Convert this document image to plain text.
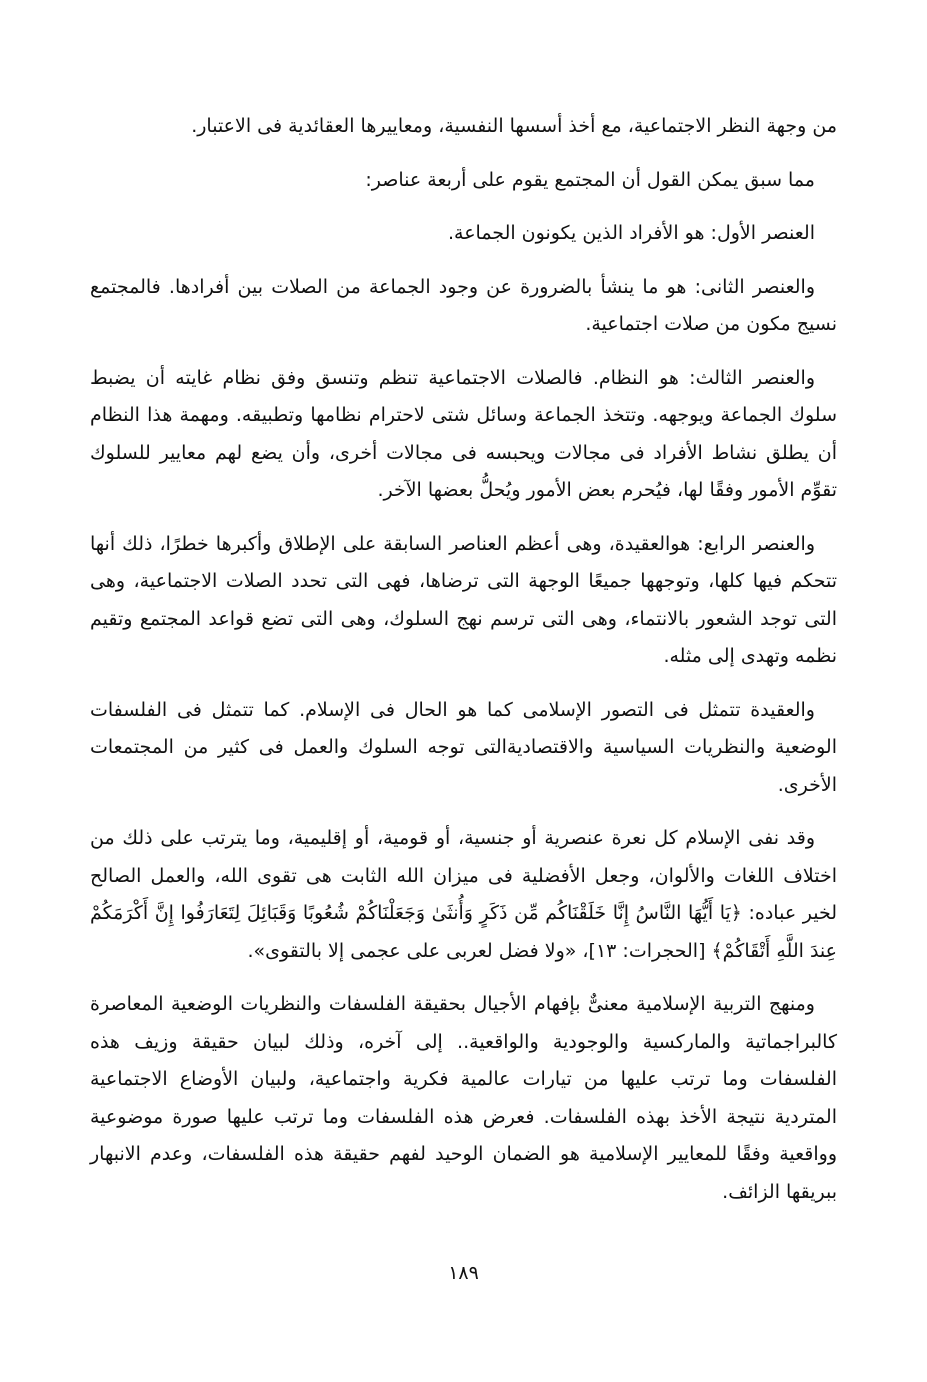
من وجهة النظر الاجتماعية، مع أخذ أسسها النفسية، ومعاييرها العقائدية فى الاعتبار.

مما سبق يمكن القول أن المجتمع يقوم على أربعة عناصر:

العنصر الأول: هو الأفراد الذين يكونون الجماعة.

والعنصر الثانى: هو ما ينشأ بالضرورة عن وجود الجماعة من الصلات بين أفرادها. فالمجتمع نسيج مكون من صلات اجتماعية.

والعنصر الثالث: هو النظام. فالصلات الاجتماعية تنظم وتنسق وفق نظام غايته أن يضبط سلوك الجماعة ويوجهه. وتتخذ الجماعة وسائل شتى لاحترام نظامها وتطبيقه. ومهمة هذا النظام أن يطلق نشاط الأفراد فى مجالات ويحبسه فى مجالات أخرى، وأن يضع لهم معايير للسلوك تقوِّم الأمور وفقًا لها، فيُحرم بعض الأمور ويُحلُّ بعضها الآخر.

والعنصر الرابع: هوالعقيدة، وهى أعظم العناصر السابقة على الإطلاق وأكبرها خطرًا، ذلك أنها تتحكم فيها كلها، وتوجهها جميعًا الوجهة التى ترضاها، فهى التى تحدد الصلات الاجتماعية، وهى التى توجد الشعور بالانتماء، وهى التى ترسم نهج السلوك، وهى التى تضع قواعد المجتمع وتقيم نظمه وتهدى إلى مثله.

والعقيدة تتمثل فى التصور الإسلامى كما هو الحال فى الإسلام. كما تتمثل فى الفلسفات الوضعية والنظريات السياسية والاقتصاديةالتى توجه السلوك والعمل فى كثير من المجتمعات الأخرى.

وقد نفى الإسلام كل نعرة عنصرية أو جنسية، أو قومية، أو إقليمية، وما يترتب على ذلك من اختلاف اللغات والألوان، وجعل الأفضلية فى ميزان الله الثابت هى تقوى الله، والعمل الصالح لخير عباده: ﴿يَا أَيُّهَا النَّاسُ إِنَّا خَلَقْنَاكُم مِّن ذَكَرٍ وَأُنثَىٰ وَجَعَلْنَاكُمْ شُعُوبًا وَقَبَائِلَ لِتَعَارَفُوا إِنَّ أَكْرَمَكُمْ عِندَ اللَّهِ أَتْقَاكُمْ﴾ [الحجرات: ١٣]، «ولا فضل لعربى على عجمى إلا بالتقوى».

ومنهج التربية الإسلامية معنىٌّ بإفهام الأجيال بحقيقة الفلسفات والنظريات الوضعية المعاصرة كالبراجماتية والماركسية والوجودية والواقعية.. إلى آخره، وذلك لبيان حقيقة وزيف هذه الفلسفات وما ترتب عليها من تيارات عالمية فكرية واجتماعية، ولبيان الأوضاع الاجتماعية المتردية نتيجة الأخذ بهذه الفلسفات. فعرض هذه الفلسفات وما ترتب عليها صورة موضوعية وواقعية وفقًا للمعايير الإسلامية هو الضمان الوحيد لفهم حقيقة هذه الفلسفات، وعدم الانبهار ببريقها الزائف.

١٨٩
